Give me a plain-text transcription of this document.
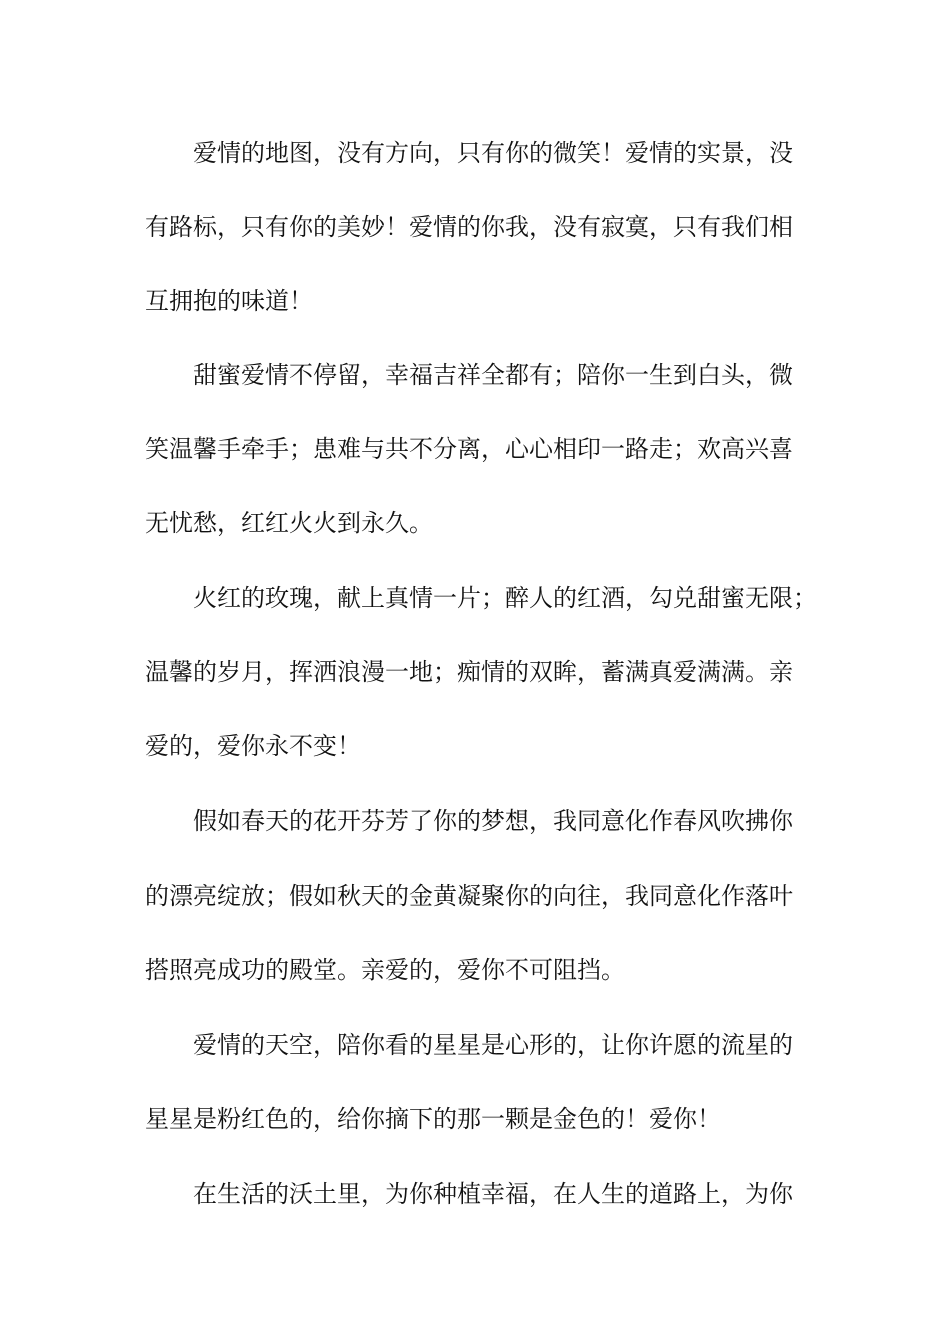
爱情的地图，没有方向，只有你的微笑！爱情的实景，没
有路标，只有你的美妙！爱情的你我，没有寂寞，只有我们相
互拥抱的味道！
甜蜜爱情不停留，幸福吉祥全都有；陪你一生到白头，微
笑温馨手牵手；患难与共不分离，心心相印一路走；欢高兴喜
无忧愁，红红火火到永久。
火红的玫瑰，献上真情一片；醉人的红酒，勾兑甜蜜无限；
温馨的岁月，挥洒浪漫一地；痴情的双眸，蓄满真爱满满。亲
爱的，爱你永不变！
假如春天的花开芬芳了你的梦想，我同意化作春风吹拂你
的漂亮绽放；假如秋天的金黄凝聚你的向往，我同意化作落叶
搭照亮成功的殿堂。亲爱的，爱你不可阻挡。
爱情的天空，陪你看的星星是心形的，让你许愿的流星的
星星是粉红色的，给你摘下的那一颗是金色的！爱你！
在生活的沃土里，为你种植幸福，在人生的道路上，为你
